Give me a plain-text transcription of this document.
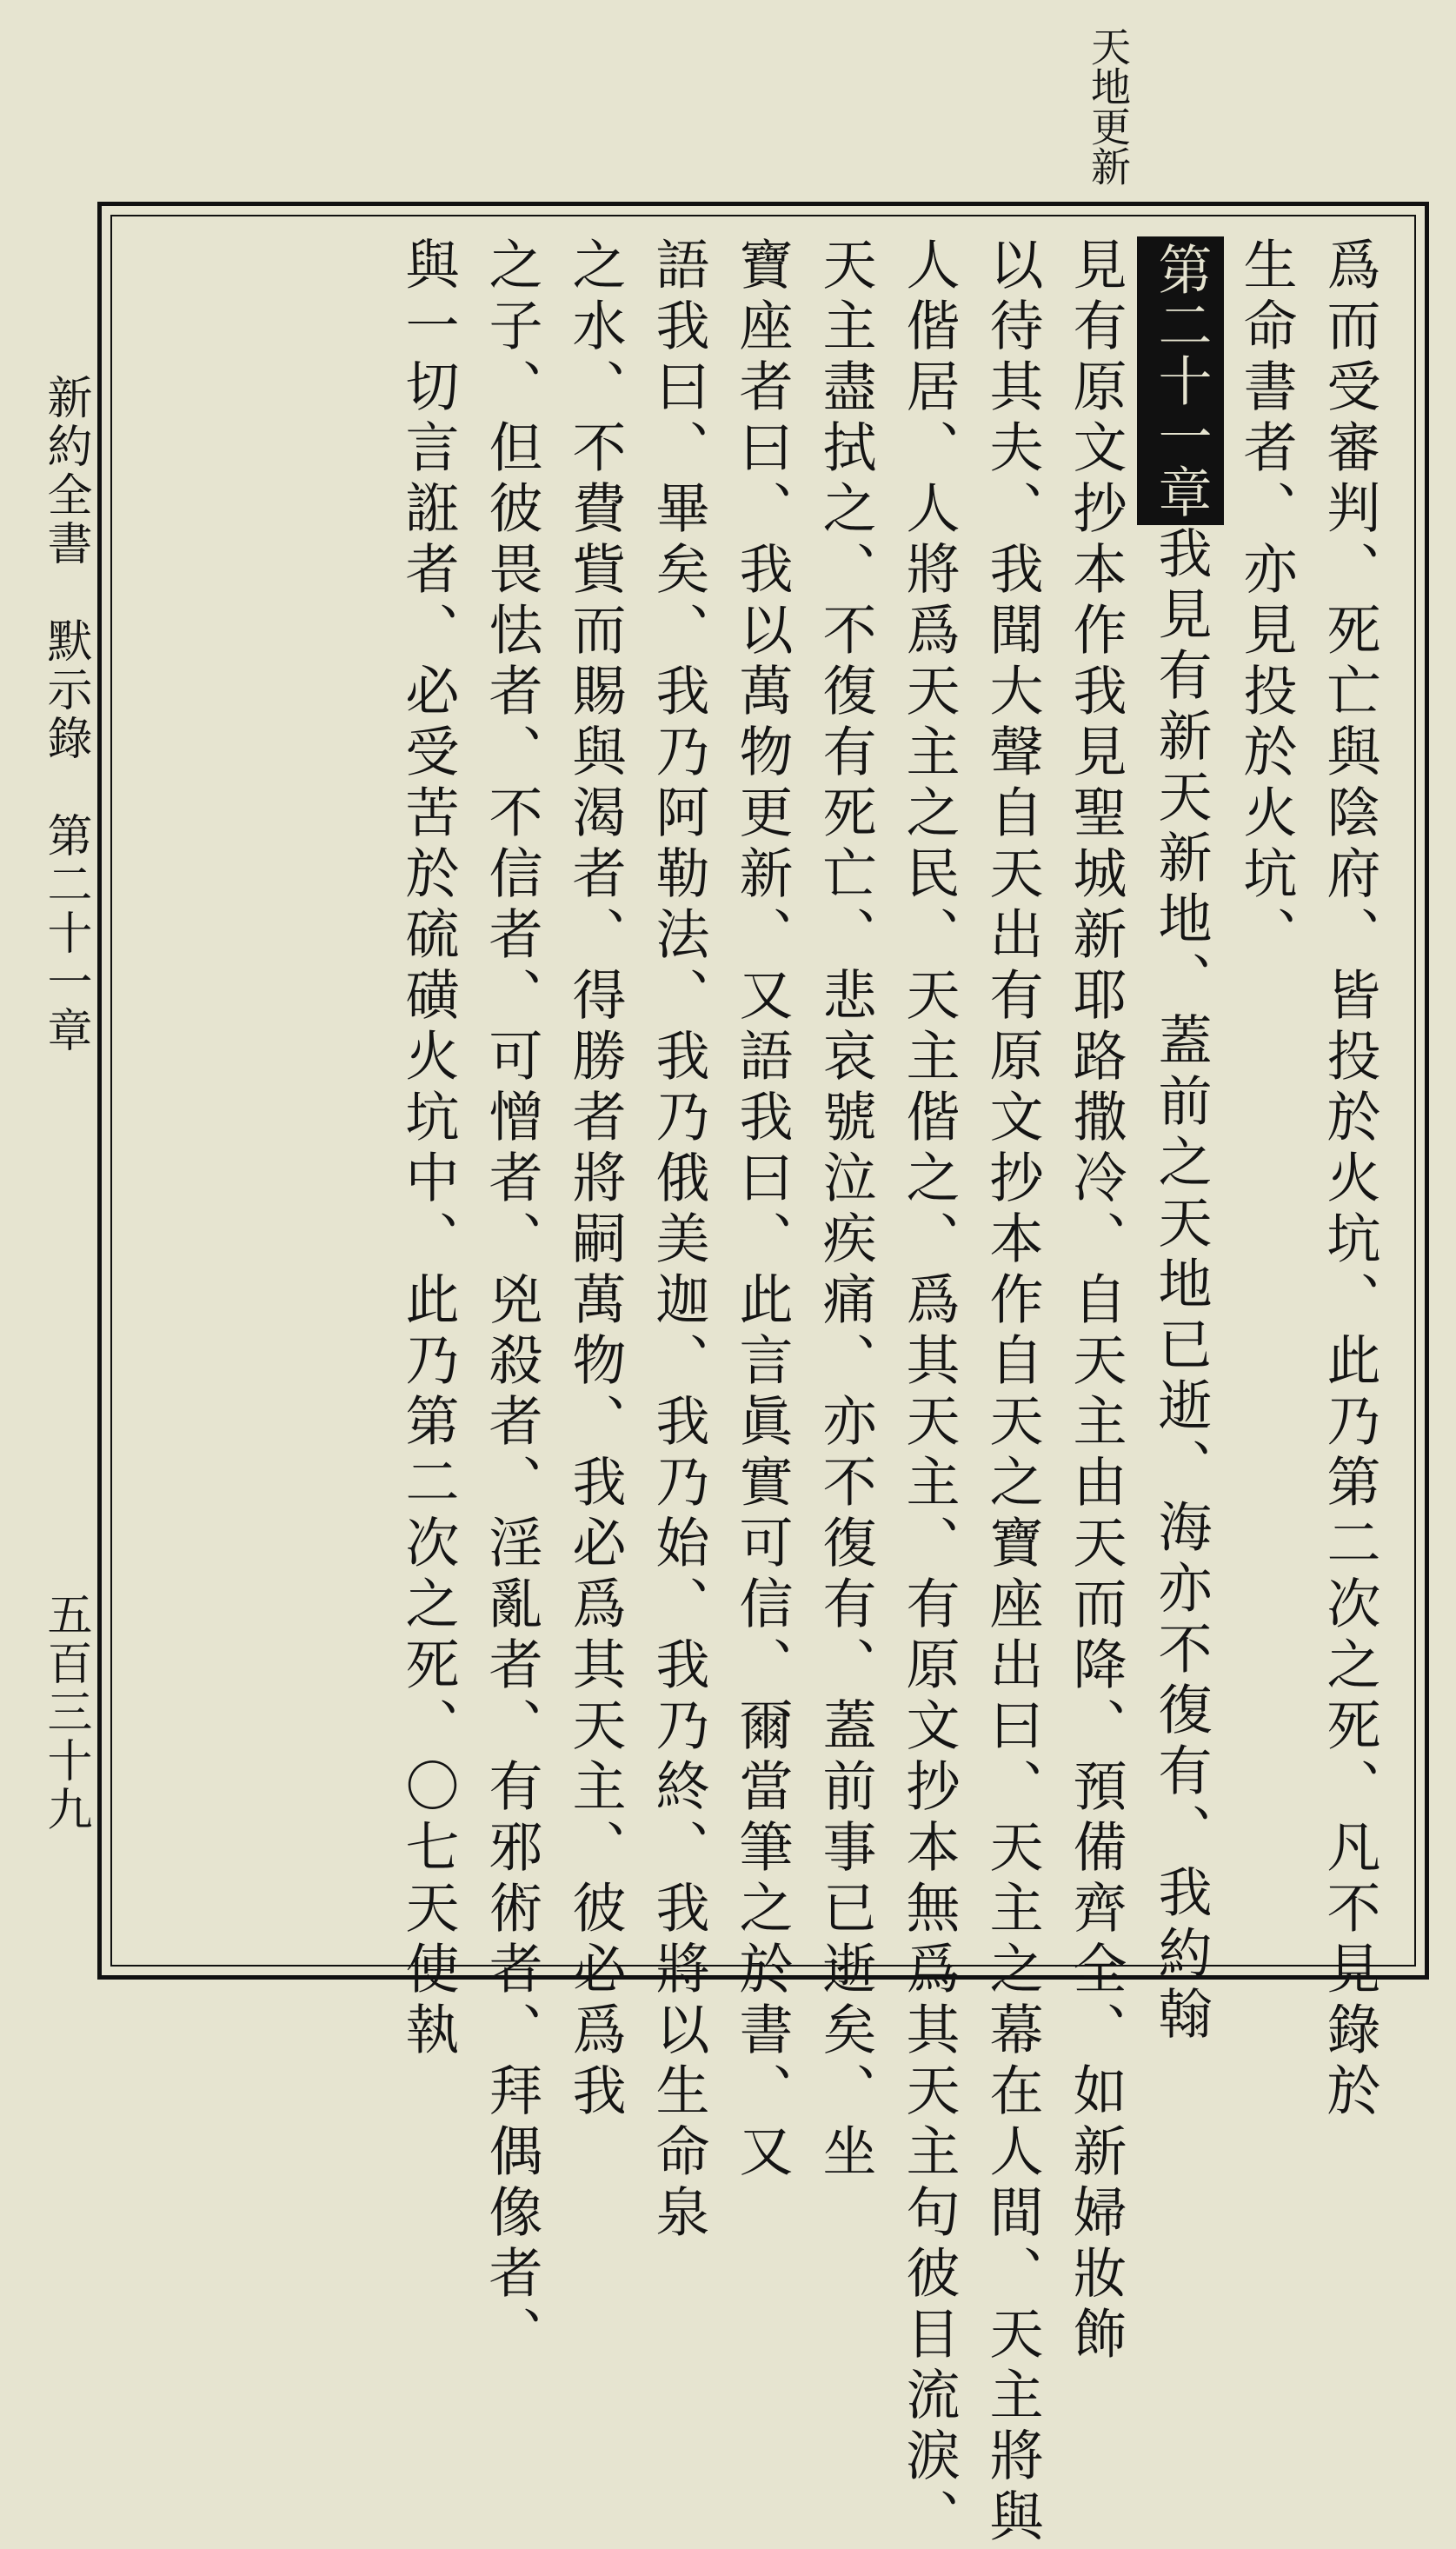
天地更新
爲而受審判、死亡與陰府、皆投於火坑、此乃第二次之死、凡不見錄於
生命書者、亦見投於火坑、
第二十一章我見有新天新地、蓋前之天地已逝、海亦不復有、我約翰
見有原文抄本作我見聖城新耶路撒冷、自天主由天而降、預備齊全、如新婦妝飾
以待其夫、我聞大聲自天出有原文抄本作自天之寶座出曰、天主之幕在人間、天主將與
人偕居、人將爲天主之民、天主偕之、爲其天主、有原文抄本無爲其天主句彼目流淚、
天主盡拭之、不復有死亡、悲哀號泣疾痛、亦不復有、蓋前事已逝矣、坐
寶座者曰、我以萬物更新、又語我曰、此言眞實可信、爾當筆之於書、又
語我曰、畢矣、我乃阿勒法、我乃俄美迦、我乃始、我乃終、我將以生命泉
之水、不費貲而賜與渴者、得勝者將嗣萬物、我必爲其天主、彼必爲我
之子、但彼畏怯者、不信者、可憎者、兇殺者、淫亂者、有邪術者、拜偶像者、
與一切言誑者、必受苦於硫磺火坑中、此乃第二次之死、〇七天使執
新約全書　默示錄　第二十一章
五百三十九
